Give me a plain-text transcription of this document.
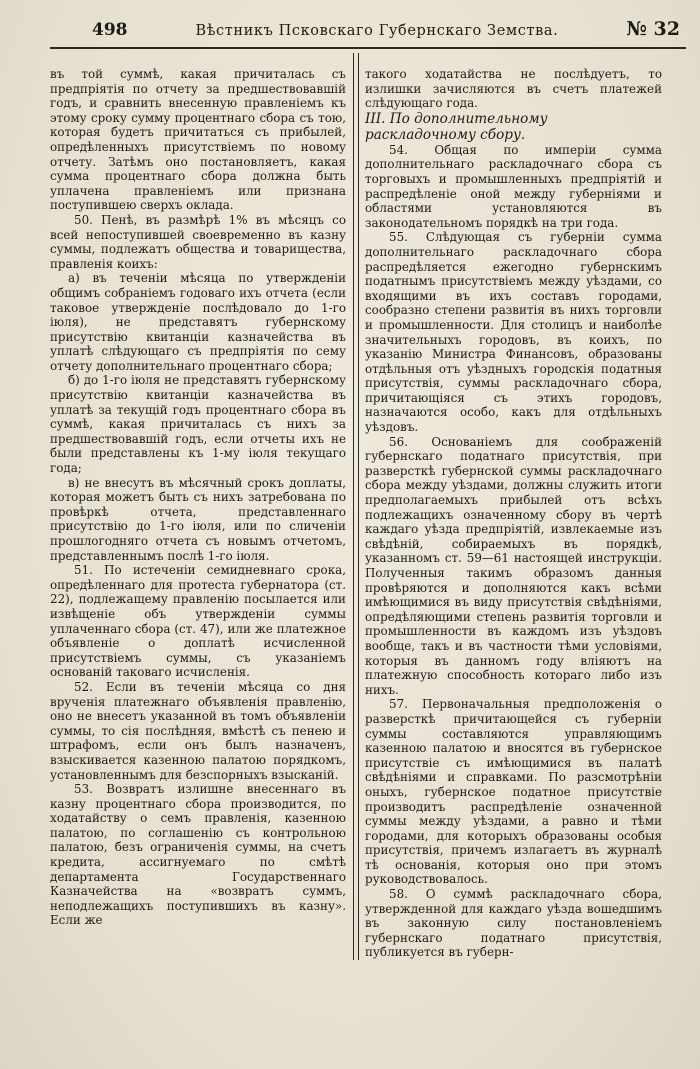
498	Вѣстникъ Псковскаго Губернскаго Земства.	№ 32

въ той суммѣ, какая причиталась съ предпріятія по отчету за предшествовавшій годъ, и сравнить внесенную правленіемъ къ этому сроку сумму процентнаго сбора съ тою, которая будетъ причитаться съ прибылей, опредѣленныхъ присутствіемъ по новому отчету. Затѣмъ оно постановляетъ, какая сумма процентнаго сбора должна быть уплачена правленіемъ или признана поступившею сверхъ оклада.

50. Пенѣ, въ размѣрѣ 1% въ мѣсяцъ со всей непоступившей своевременно въ казну суммы, подлежатъ общества и товарищества, правленія коихъ:

а) въ теченіи мѣсяца по утвержденіи общимъ собраніемъ годоваго ихъ отчета (если таковое утвержденіе послѣдовало до 1-го іюля), не представятъ губернскому присутствію квитанціи казначейства въ уплатѣ слѣдующаго съ предпріятія по сему отчету дополнительнаго процентнаго сбора;

б) до 1-го іюля не представятъ губернскому присутствію квитанціи казначейства въ уплатѣ за текущій годъ процентнаго сбора въ суммѣ, какая причиталась съ нихъ за предшествовавшій годъ, если отчеты ихъ не были представлены къ 1-му іюля текущаго года;

в) не внесутъ въ мѣсячный срокъ доплаты, которая можетъ быть съ нихъ затребована по провѣркѣ отчета, представленнаго присутствію до 1-го іюля, или по сличеніи прошлогодняго отчета съ новымъ отчетомъ, представленнымъ послѣ 1-го іюля.

51. По истеченіи семидневнаго срока, опредѣленнаго для протеста губернатора (ст. 22), подлежащему правленію посылается или извѣщеніе объ утвержденіи суммы уплаченнаго сбора (ст. 47), или же платежное объявленіе о доплатѣ исчисленной присутствіемъ суммы, съ указаніемъ основаній таковаго исчисленія.

52. Если въ теченіи мѣсяца со дня врученія платежнаго объявленія правленію, оно не внесетъ указанной въ томъ объявленіи суммы, то сія послѣдняя, вмѣстѣ съ пенею и штрафомъ, если онъ былъ назначенъ, взыскивается казенною палатою порядкомъ, установленнымъ для безспорныхъ взысканій.

53. Возвратъ излишне внесеннаго въ казну процентнаго сбора производится, по ходатайству о семъ правленія, казенною палатою, по соглашенію съ контрольною палатою, безъ ограниченія суммы, на счетъ кредита, ассигнуемаго по смѣтѣ департамента Государственнаго Казначейства на «возвратъ суммъ, неподлежащихъ поступившихъ въ казну». Если же

такого ходатайства не послѣдуетъ, то излишки зачисляются въ счетъ платежей слѣдующаго года.

III. По дополнительному раскладочному сбору.

54. Общая по имперіи сумма дополнительнаго раскладочнаго сбора съ торговыхъ и промышленныхъ предпріятій и распредѣленіе оной между губерніями и областями установляются въ законодательномъ порядкѣ на три года.

55. Слѣдующая съ губерніи сумма дополнительнаго раскладочнаго сбора распредѣляется ежегодно губернскимъ податнымъ присутствіемъ между уѣздами, со входящими въ ихъ составъ городами, сообразно степени развитія въ нихъ торговли и промышленности. Для столицъ и наиболѣе значительныхъ городовъ, въ коихъ, по указанію Министра Финансовъ, образованы отдѣльныя отъ уѣздныхъ городскія податныя присутствія, суммы раскладочнаго сбора, причитающіяся съ этихъ городовъ, назначаются особо, какъ для отдѣльныхъ уѣздовъ.

56. Основаніемъ для соображеній губернскаго податнаго присутствія, при разверсткѣ губернской суммы раскладочнаго сбора между уѣздами, должны служить итоги предполагаемыхъ прибылей отъ всѣхъ подлежащихъ означенному сбору въ чертѣ каждаго уѣзда предпріятій, извлекаемые изъ свѣдѣній, собираемыхъ въ порядкѣ, указанномъ ст. 59—61 настоящей инструкціи. Полученныя такимъ образомъ данныя провѣряются и дополняются какъ всѣми имѣющимися въ виду присутствія свѣдѣніями, опредѣляющими степень развитія торговли и промышленности въ каждомъ изъ уѣздовъ вообще, такъ и въ частности тѣми условіями, которыя въ данномъ году вліяютъ на платежную способность котораго либо изъ нихъ.

57. Первоначальныя предположенія о разверсткѣ причитающейся съ губерніи суммы составляются управляющимъ казенною палатою и вносятся въ губернское присутствіе съ имѣющимися въ палатѣ свѣдѣніями и справками. По разсмотрѣніи оныхъ, губернское податное присутствіе производитъ распредѣленіе означенной суммы между уѣздами, а равно и тѣми городами, для которыхъ образованы особыя присутствія, причемъ излагаетъ въ журналѣ тѣ основанія, которыя оно при этомъ руководствовалось.

58. О суммѣ раскладочнаго сбора, утвержденной для каждаго уѣзда вошедшимъ въ законную силу постановленіемъ губернскаго податнаго присутствія, публикуется въ губерн-
